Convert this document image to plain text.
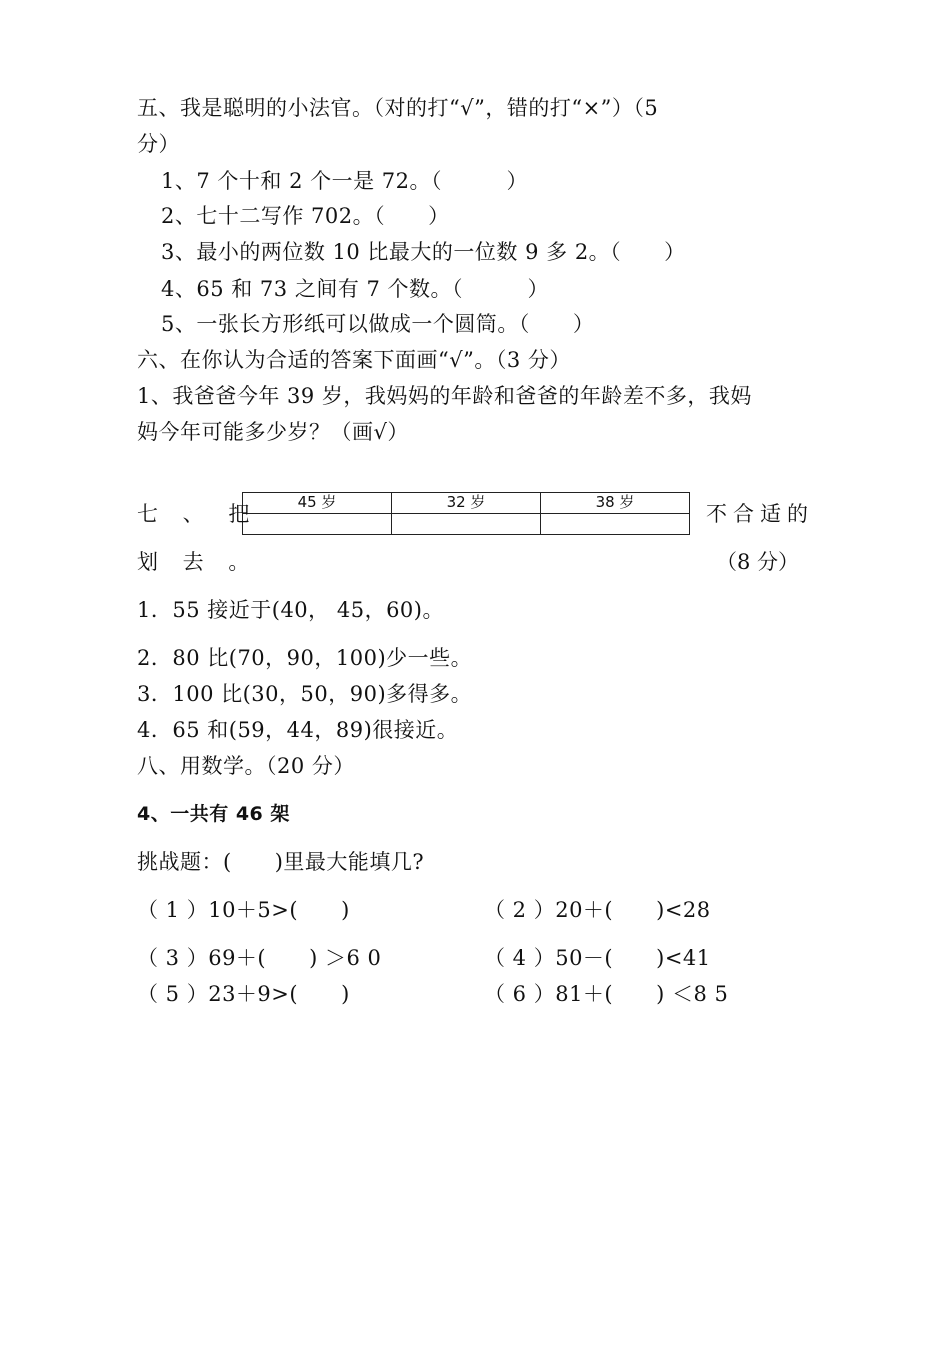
五、我是聪明的小法官。（对的打“√”，错的打“×”）（5
分）
1、7 个十和 2 个一是 72。（　　　）
2、七十二写作 702。（　　）
3、最小的两位数 10 比最大的一位数 9 多 2。（　　）
4、65 和 73 之间有 7 个数。（　　　）
5、一张长方形纸可以做成一个圆筒。（　　）
六、在你认为合适的答案下面画“√”。（3 分）
1、我爸爸今年 39 岁，我妈妈的年龄和爸爸的年龄差不多，我妈
妈今年可能多少岁？（画√）
45 岁	32 岁	38 岁

七 、 把	不合适的
划 去 。	（8 分）
1．55 接近于(40， 45，60)。
2．80 比(70，90，100)少一些。
3．100 比(30，50，90)多得多。
4．65 和(59，44，89)很接近。
八、用数学。（20 分）
4、一共有 46 架
挑战题：(　　)里最大能填几?
（ 1 ）10＋5>(　　)	（ 2 ）20＋(　　)<28
（ 3 ）69＋(　　) ＞6 0	（ 4 ）50－(　　)<41
（ 5 ）23＋9>(　　)	（ 6 ）81＋(　　) ＜8 5
